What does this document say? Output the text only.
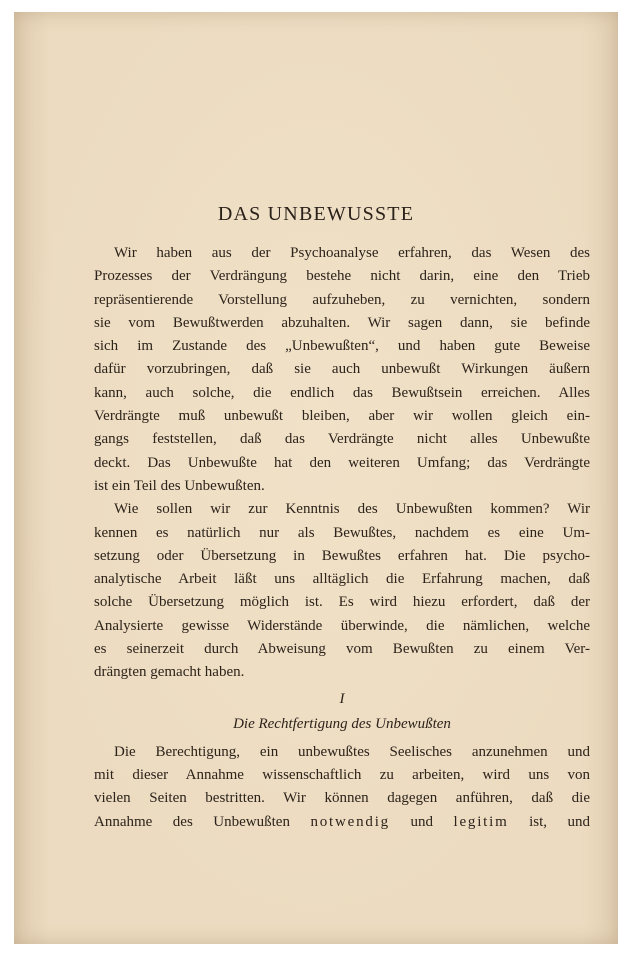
DAS UNBEWUSSTE
Wir haben aus der Psychoanalyse erfahren, das Wesen des
Prozesses der Verdrängung bestehe nicht darin, eine den Trieb
repräsentierende Vorstellung aufzuheben, zu vernichten, sondern
sie vom Bewußtwerden abzuhalten. Wir sagen dann, sie befinde
sich im Zustande des „Unbewußten“, und haben gute Beweise
dafür vorzubringen, daß sie auch unbewußt Wirkungen äußern
kann, auch solche, die endlich das Bewußtsein erreichen. Alles
Verdrängte muß unbewußt bleiben, aber wir wollen gleich ein-
gangs feststellen, daß das Verdrängte nicht alles Unbewußte
deckt. Das Unbewußte hat den weiteren Umfang; das Verdrängte
ist ein Teil des Unbewußten.
Wie sollen wir zur Kenntnis des Unbewußten kommen? Wir
kennen es natürlich nur als Bewußtes, nachdem es eine Um-
setzung oder Übersetzung in Bewußtes erfahren hat. Die psycho-
analytische Arbeit läßt uns alltäglich die Erfahrung machen, daß
solche Übersetzung möglich ist. Es wird hiezu erfordert, daß der
Analysierte gewisse Widerstände überwinde, die nämlichen, welche
es seinerzeit durch Abweisung vom Bewußten zu einem Ver-
drängten gemacht haben.
I
Die Rechtfertigung des Unbewußten
Die Berechtigung, ein unbewußtes Seelisches anzunehmen und
mit dieser Annahme wissenschaftlich zu arbeiten, wird uns von
vielen Seiten bestritten. Wir können dagegen anführen, daß die
Annahme des Unbewußten notwendig und legitim ist, und
